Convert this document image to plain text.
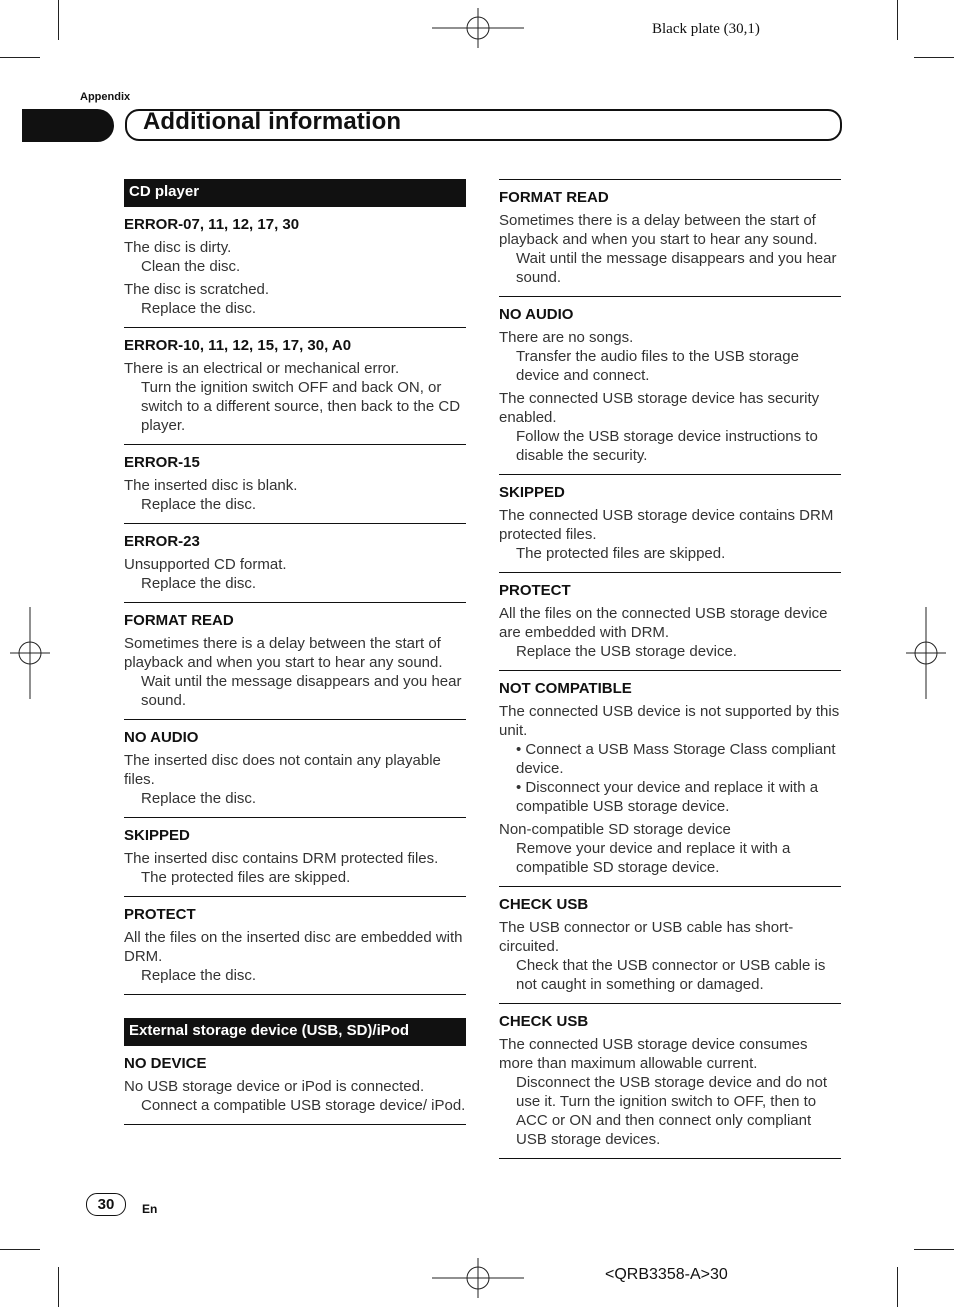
Black plate (30,1)
Appendix
Additional information
CD player
ERROR-07, 11, 12, 17, 30
The disc is dirty.
Clean the disc.
The disc is scratched.
Replace the disc.
ERROR-10, 11, 12, 15, 17, 30, A0
There is an electrical or mechanical error.
Turn the ignition switch OFF and back ON, or switch to a different source, then back to the CD player.
ERROR-15
The inserted disc is blank.
Replace the disc.
ERROR-23
Unsupported CD format.
Replace the disc.
FORMAT READ
Sometimes there is a delay between the start of playback and when you start to hear any sound.
Wait until the message disappears and you hear sound.
NO AUDIO
The inserted disc does not contain any playable files.
Replace the disc.
SKIPPED
The inserted disc contains DRM protected files.
The protected files are skipped.
PROTECT
All the files on the inserted disc are embedded with DRM.
Replace the disc.
External storage device (USB, SD)/iPod
NO DEVICE
No USB storage device or iPod is connected.
Connect a compatible USB storage device/ iPod.
FORMAT READ
Sometimes there is a delay between the start of playback and when you start to hear any sound.
Wait until the message disappears and you hear sound.
NO AUDIO
There are no songs.
Transfer the audio files to the USB storage device and connect.
The connected USB storage device has security enabled.
Follow the USB storage device instructions to disable the security.
SKIPPED
The connected USB storage device contains DRM protected files.
The protected files are skipped.
PROTECT
All the files on the connected USB storage device are embedded with DRM.
Replace the USB storage device.
NOT COMPATIBLE
The connected USB device is not supported by this unit.
• Connect a USB Mass Storage Class compliant device.
• Disconnect your device and replace it with a compatible USB storage device.
Non-compatible SD storage device
Remove your device and replace it with a compatible SD storage device.
CHECK USB
The USB connector or USB cable has short-circuited.
Check that the USB connector or USB cable is not caught in something or damaged.
CHECK USB
The connected USB storage device consumes more than maximum allowable current.
Disconnect the USB storage device and do not use it. Turn the ignition switch to OFF, then to ACC or ON and then connect only compliant USB storage devices.
30	En
<QRB3358-A>30
